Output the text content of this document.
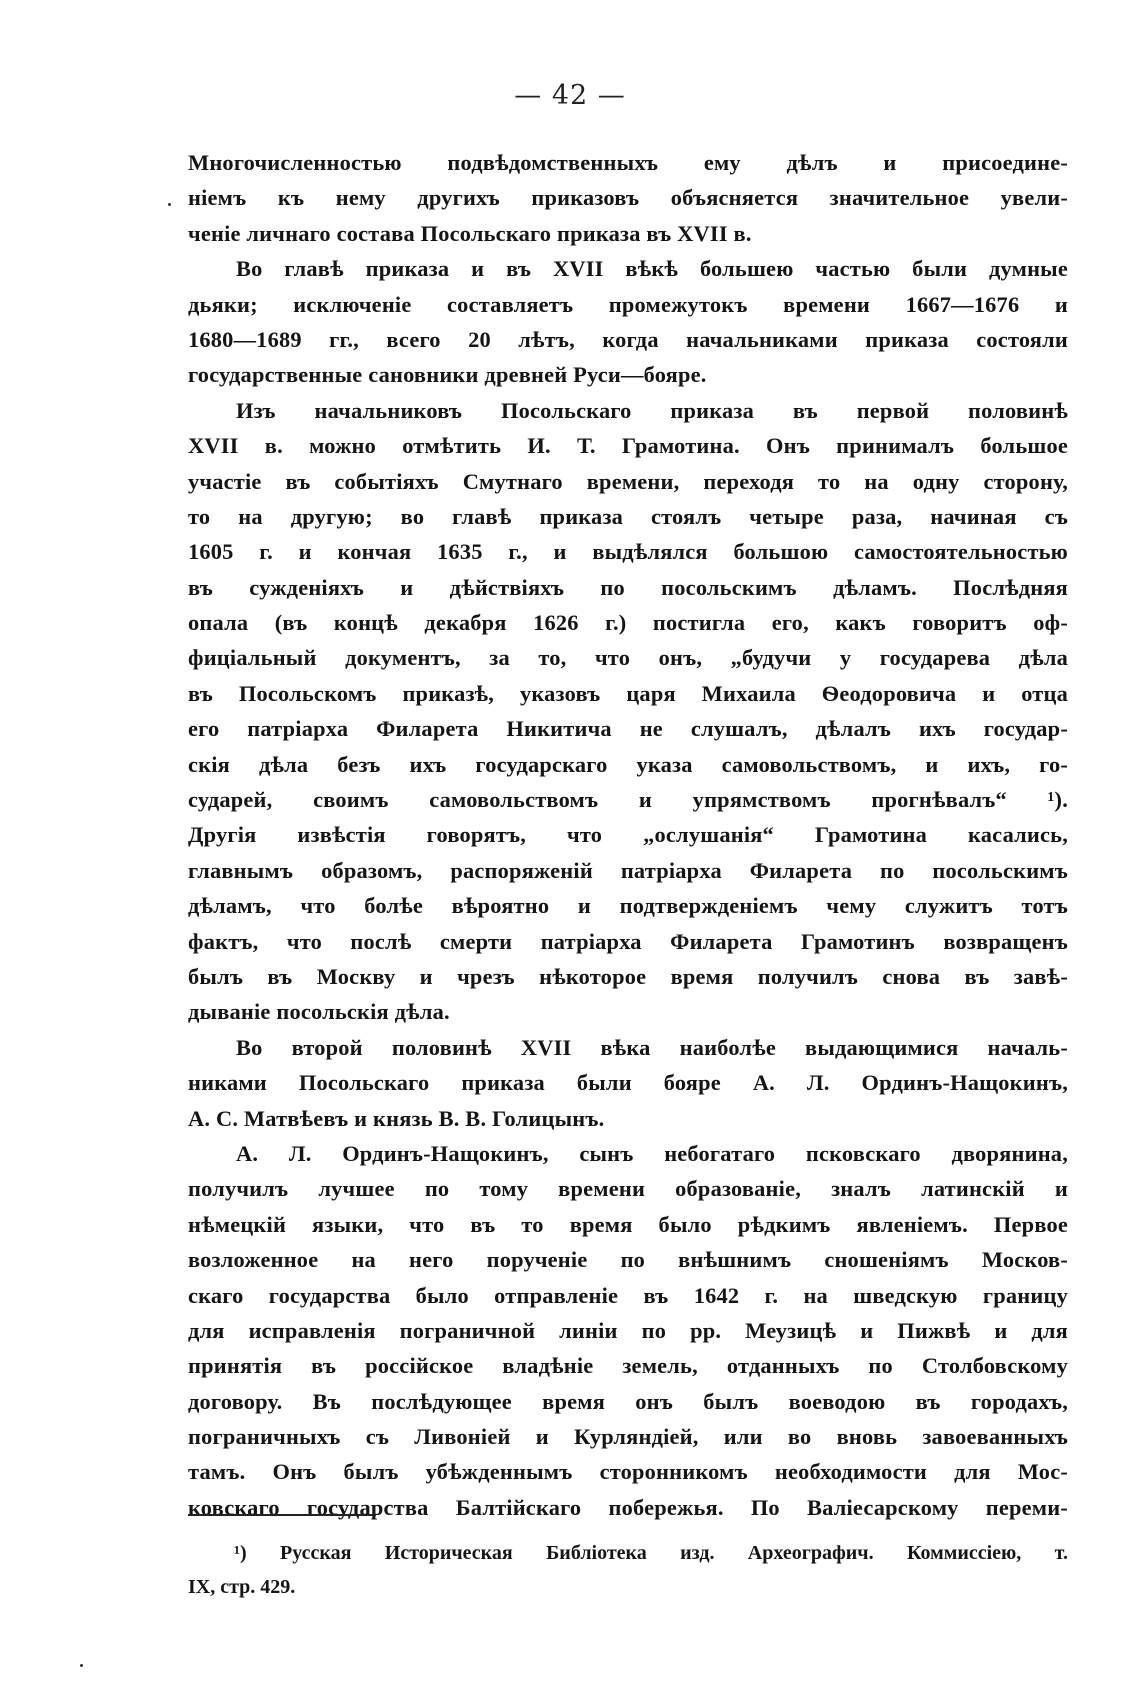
— 42 —
Многочисленностью подвѣдомственныхъ ему дѣлъ и присоедине-
ніемъ къ нему другихъ приказовъ объясняется значительное увели-
ченіе личнаго состава Посольскаго приказа въ XVII в.
Во главѣ приказа и въ XVII вѣкѣ большею частью были думные
дьяки; исключеніе составляетъ промежутокъ времени 1667—1676 и
1680—1689 гг., всего 20 лѣтъ, когда начальниками приказа состояли
государственные сановники древней Руси—бояре.
Изъ начальниковъ Посольскаго приказа въ первой половинѣ
XVII в. можно отмѣтить И. Т. Грамотина. Онъ принималъ большое
участіе въ событіяхъ Смутнаго времени, переходя то на одну сторону,
то на другую; во главѣ приказа стоялъ четыре раза, начиная съ
1605 г. и кончая 1635 г., и выдѣлялся большою самостоятельностью
въ сужденіяхъ и дѣйствіяхъ по посольскимъ дѣламъ. Послѣдняя
опала (въ концѣ декабря 1626 г.) постигла его, какъ говоритъ оф-
фиціальный документъ, за то, что онъ, „будучи у государева дѣла
въ Посольскомъ приказѣ, указовъ царя Михаила Ѳеодоровича и отца
его патріарха Филарета Никитича не слушалъ, дѣлалъ ихъ государ-
скія дѣла безъ ихъ государскаго указа самовольствомъ, и ихъ, го-
сударей, своимъ самовольствомъ и упрямствомъ прогнѣвалъ“ ¹).
Другія извѣстія говорятъ, что „ослушанія“ Грамотина касались,
главнымъ образомъ, распоряженій патріарха Филарета по посольскимъ
дѣламъ, что болѣе вѣроятно и подтвержденіемъ чему служитъ тотъ
фактъ, что послѣ смерти патріарха Филарета Грамотинъ возвращенъ
былъ въ Москву и чрезъ нѣкоторое время получилъ снова въ завѣ-
дываніе посольскія дѣла.
Во второй половинѣ XVII вѣка наиболѣе выдающимися началь-
никами Посольскаго приказа были бояре А. Л. Ординъ-Нащокинъ,
А. С. Матвѣевъ и князь В. В. Голицынъ.
А. Л. Ординъ-Нащокинъ, сынъ небогатаго псковскаго дворянина,
получилъ лучшее по тому времени образованіе, зналъ латинскій и
нѣмецкій языки, что въ то время было рѣдкимъ явленіемъ. Первое
возложенное на него порученіе по внѣшнимъ сношеніямъ Москов-
скаго государства было отправленіе въ 1642 г. на шведскую границу
для исправленія пограничной линіи по рр. Меузицѣ и Пижвѣ и для
принятія въ россійское владѣніе земель, отданныхъ по Столбовскому
договору. Въ послѣдующее время онъ былъ воеводою въ городахъ,
пограничныхъ съ Ливоніей и Курляндіей, или во вновь завоеванныхъ
тамъ. Онъ былъ убѣжденнымъ сторонникомъ необходимости для Мос-
ковскаго государства Балтійскаго побережья. По Валіесарскому переми-
¹) Русская Историческая Библіотека изд. Археографич. Коммиссіею, т.
IX, стр. 429.
